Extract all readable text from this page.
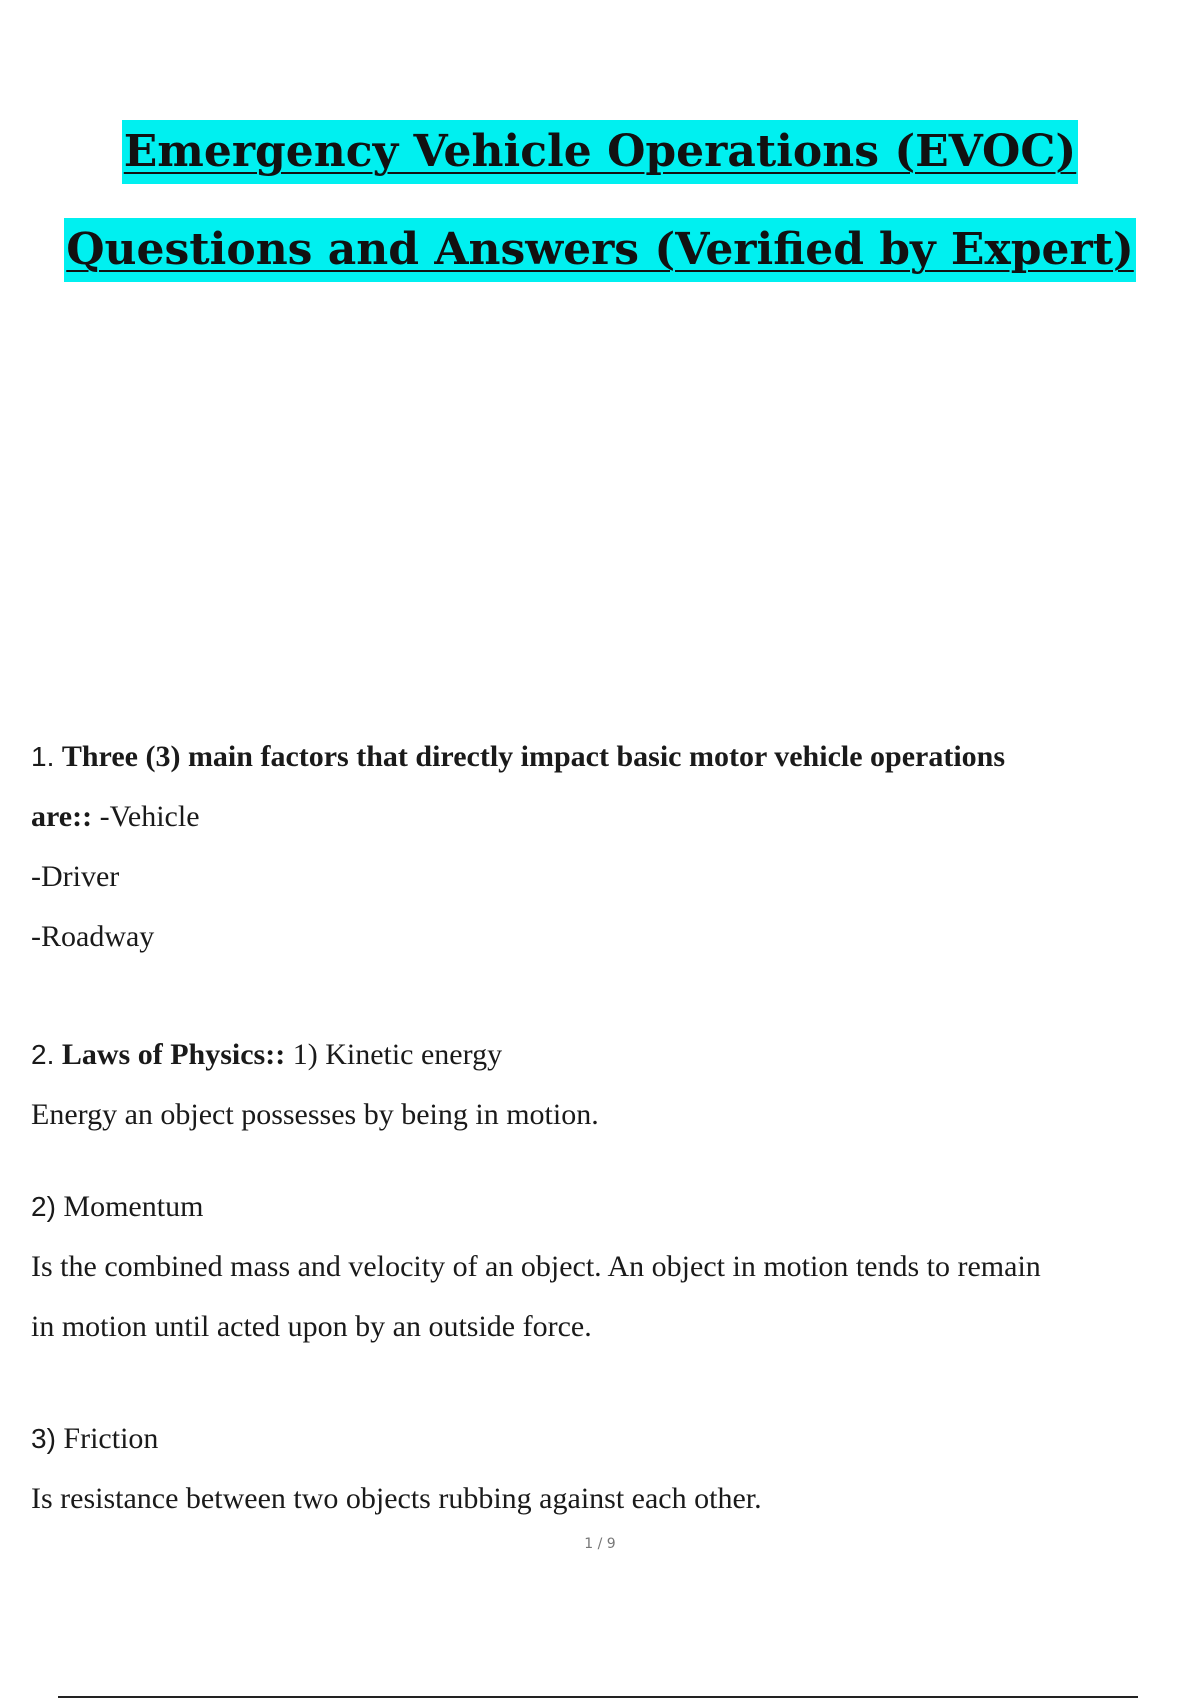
Emergency Vehicle Operations (EVOC)
Questions and Answers (Verified by Expert)
1. Three (3) main factors that directly impact basic motor vehicle operations
are:: -Vehicle
-Driver
-Roadway
2. Laws of Physics:: 1) Kinetic energy
Energy an object possesses by being in motion.
2) Momentum
Is the combined mass and velocity of an object. An object in motion tends to remain
in motion until acted upon by an outside force.
3) Friction
Is resistance between two objects rubbing against each other.
1 / 9
